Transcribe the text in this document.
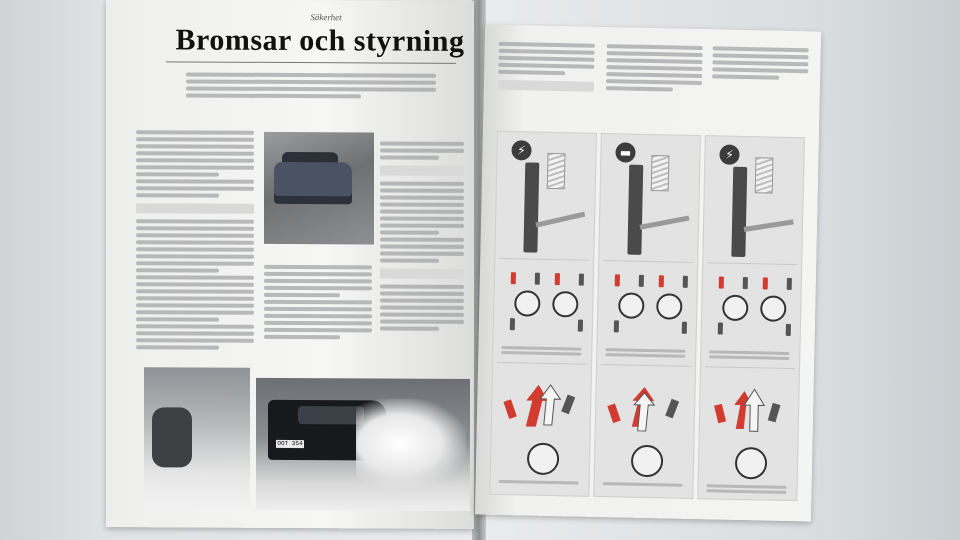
Säkerhet
Bromsar och styrning
OOT 354
⚡	▬	⚡
